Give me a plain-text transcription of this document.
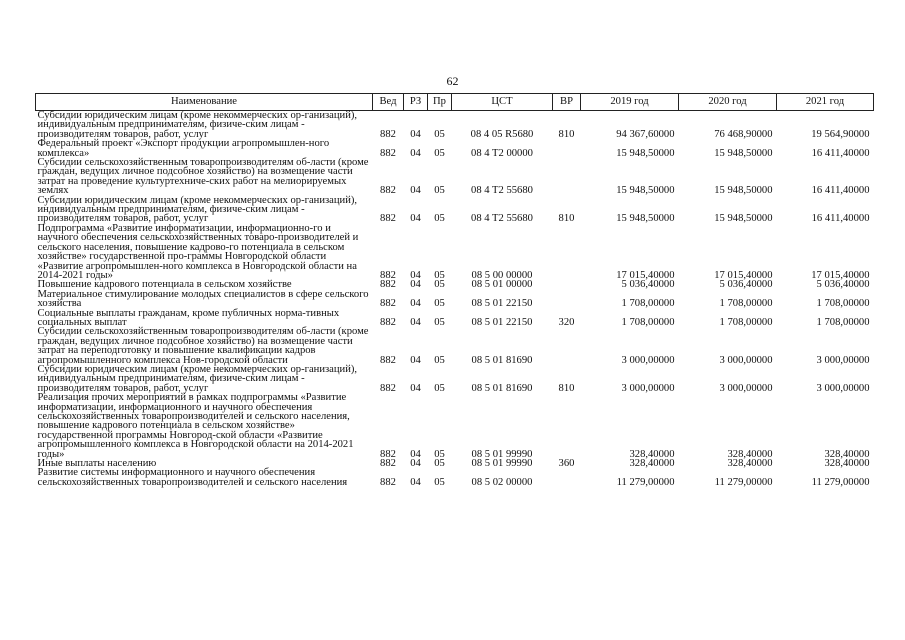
62
Наименование	Вед	РЗ	Пр	ЦСТ	ВР	2019 год	2020 год	2021 год
Субсидии юридическим лицам (кроме некоммерческих ор-ганизаций), индивидуальным предпринимателям, физиче-ским лицам - производителям товаров, работ, услуг	882	04	05	08 4 05 R5680	810	94 367,60000	76 468,90000	19 564,90000
Федеральный проект «Экспорт продукции агропромышлен-ного комплекса»	882	04	05	08 4 T2 00000		15 948,50000	15 948,50000	16 411,40000
Субсидии сельскохозяйственным товаропроизводителям об-ласти (кроме граждан, ведущих личное подсобное хозяйство) на возмещение части затрат на проведение культуртехниче-ских работ на мелиорируемых землях	882	04	05	08 4 T2 55680		15 948,50000	15 948,50000	16 411,40000
Субсидии юридическим лицам (кроме некоммерческих ор-ганизаций), индивидуальным предпринимателям, физиче-ским лицам - производителям товаров, работ, услуг	882	04	05	08 4 T2 55680	810	15 948,50000	15 948,50000	16 411,40000
Подпрограмма «Развитие информатизации, информационно-го и научного обеспечения сельскохозяйственных товаро-производителей и сельского населения, повышение кадрово-го потенциала в сельском хозяйстве» государственной про-граммы Новгородской области «Развитие агропромышлен-ного комплекса в Новгородской области на 2014-2021 годы»	882	04	05	08 5 00 00000		17 015,40000	17 015,40000	17 015,40000
Повышение кадрового потенциала в сельском хозяйстве	882	04	05	08 5 01 00000		5 036,40000	5 036,40000	5 036,40000
Материальное стимулирование молодых специалистов в сфере сельского хозяйства	882	04	05	08 5 01 22150		1 708,00000	1 708,00000	1 708,00000
Социальные выплаты гражданам, кроме публичных норма-тивных социальных выплат	882	04	05	08 5 01 22150	320	1 708,00000	1 708,00000	1 708,00000
Субсидии сельскохозяйственным товаропроизводителям об-ласти (кроме граждан, ведущих личное подсобное хозяйство) на возмещение части затрат на переподготовку и повышение квалификации кадров агропромышленного комплекса Нов-городской области	882	04	05	08 5 01 81690		3 000,00000	3 000,00000	3 000,00000
Субсидии юридическим лицам (кроме некоммерческих ор-ганизаций), индивидуальным предпринимателям, физиче-ским лицам - производителям товаров, работ, услуг	882	04	05	08 5 01 81690	810	3 000,00000	3 000,00000	3 000,00000
Реализация прочих мероприятий в рамках подпрограммы «Развитие информатизации, информационного и научного обеспечения сельскохозяйственных товаропроизводителей и сельского населения, повышение кадрового потенциала в сельском хозяйстве» государственной программы Новгород-ской области «Развитие агропромышленного комплекса в Новгородской области на 2014-2021 годы»	882	04	05	08 5 01 99990		328,40000	328,40000	328,40000
Иные выплаты населению	882	04	05	08 5 01 99990	360	328,40000	328,40000	328,40000
Развитие системы информационного и научного обеспечения сельскохозяйственных товаропроизводителей и сельского населения	882	04	05	08 5 02 00000		11 279,00000	11 279,00000	11 279,00000
